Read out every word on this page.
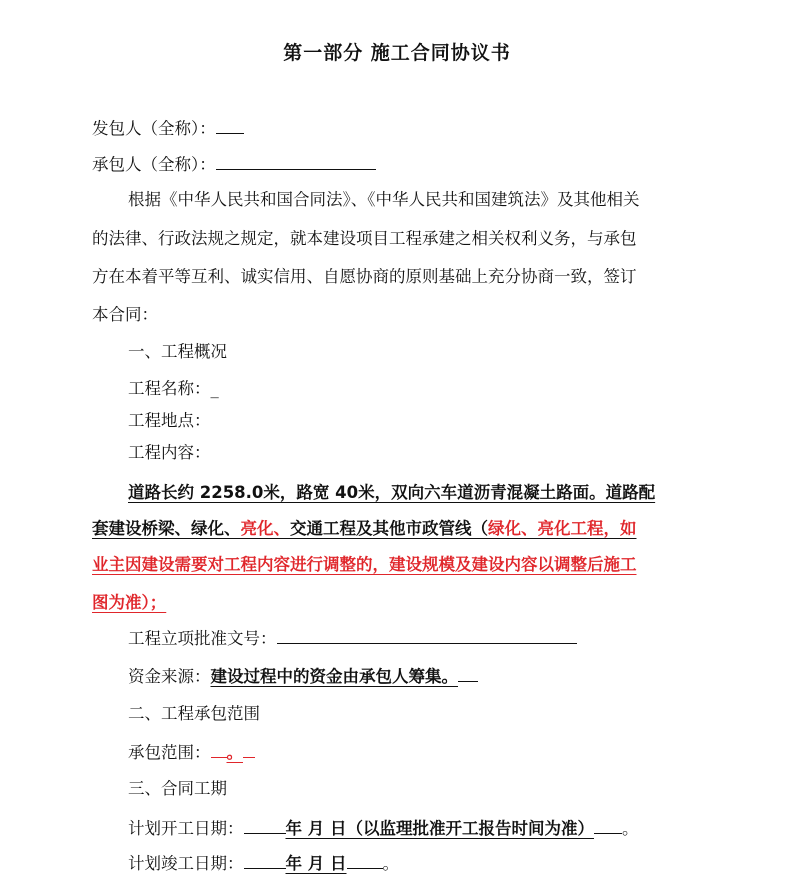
第一部分 施工合同协议书
发包人（全称）：
承包人（全称）：
根据《中华人民共和国合同法》、《中华人民共和国建筑法》及其他相关
的法律、行政法规之规定，就本建设项目工程承建之相关权利义务，与承包
方在本着平等互利、诚实信用、自愿协商的原则基础上充分协商一致，签订
本合同：
一、工程概况
工程名称：_
工程地点：
工程内容：
道路长约 2258.0米，路宽 40米，双向六车道沥青混凝土路面。道路配
套建设桥梁、绿化、亮化、交通工程及其他市政管线（绿化、亮化工程，如
业主因建设需要对工程内容进行调整的，建设规模及建设内容以调整后施工
图为准）；
工程立项批准文号：
资金来源：建设过程中的资金由承包人筹集。
二、工程承包范围
承包范围： 。
三、合同工期
计划开工日期：	年 月 日（以监理批准开工报告时间为准） 。
计划竣工日期：	年 月 日 。
